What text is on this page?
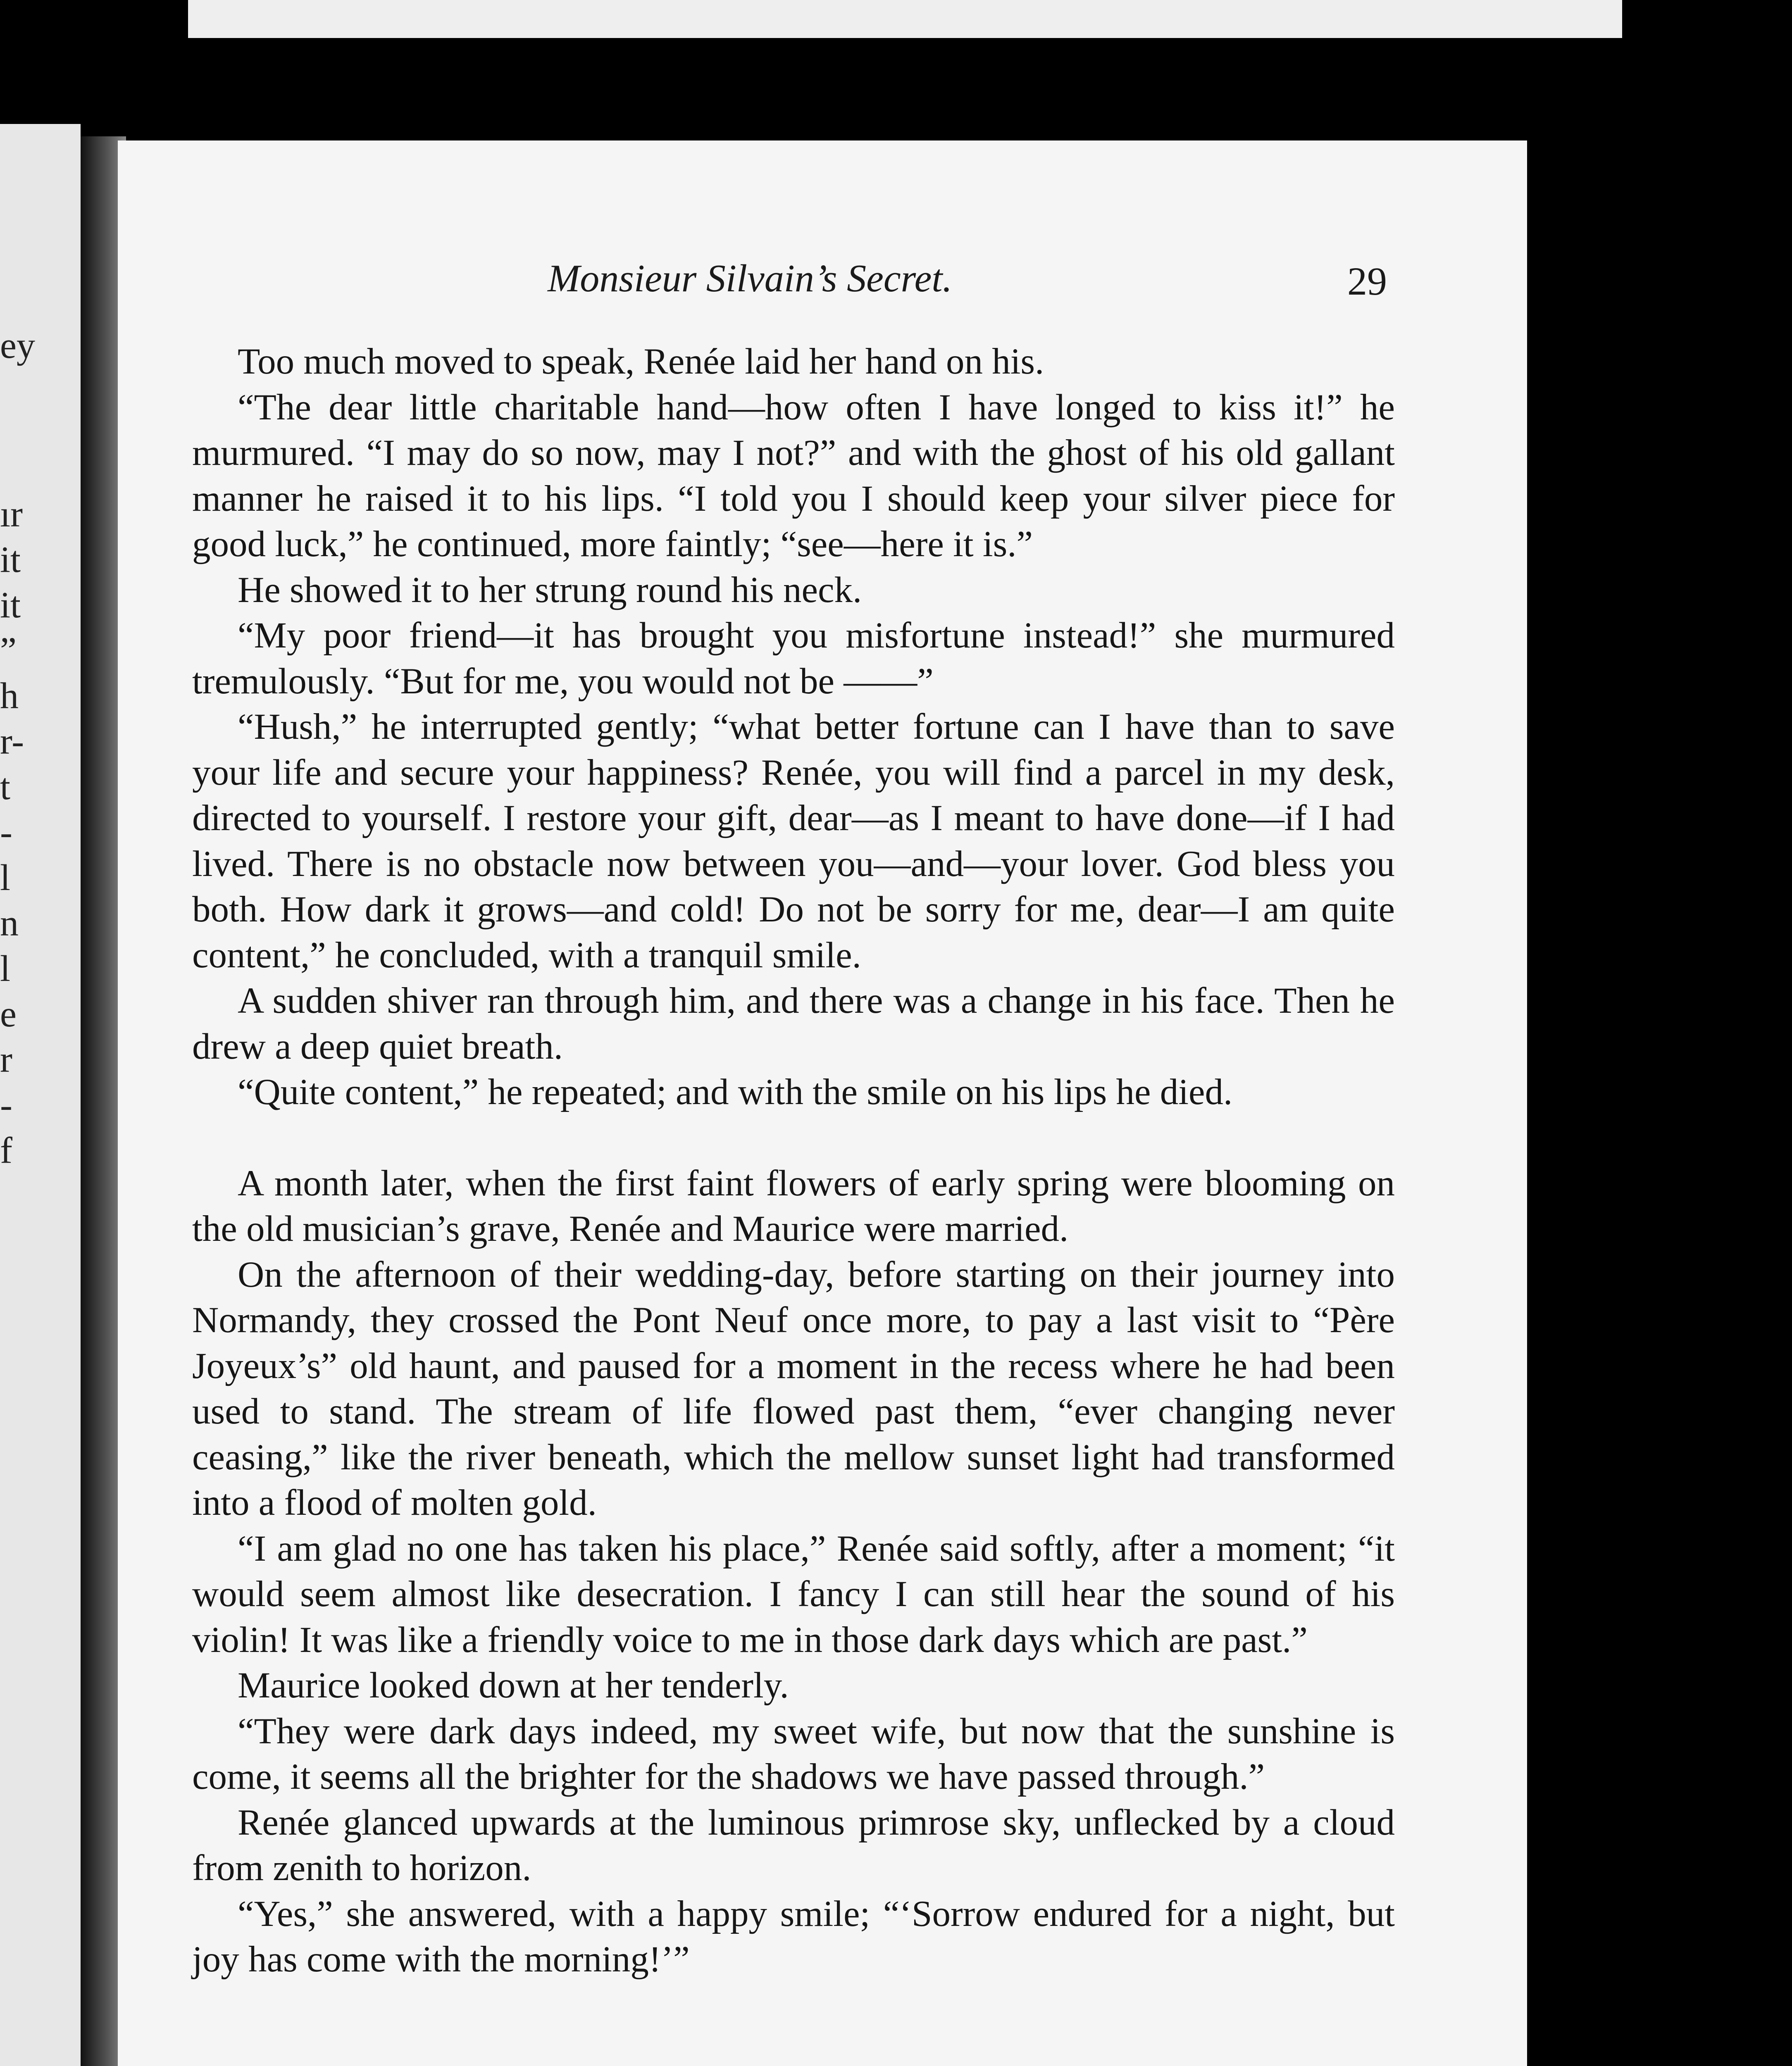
ey
ır
it
it
”
h
r-
t
-
l
n
l
e
r
-
f
Monsieur Silvain’s Secret.	29

Too much moved to speak, Renée laid her hand on his.

“The dear little charitable hand—how often I have longed to kiss it!” he murmured. “I may do so now, may I not?” and with the ghost of his old gallant manner he raised it to his lips. “I told you I should keep your silver piece for good luck,” he continued, more faintly; “see—here it is.”

He showed it to her strung round his neck.

“My poor friend—it has brought you misfortune instead!” she murmured tremulously. “But for me, you would not be ——”

“Hush,” he interrupted gently; “what better fortune can I have than to save your life and secure your happiness? Renée, you will find a parcel in my desk, directed to yourself. I restore your gift, dear—as I meant to have done—if I had lived. There is no obstacle now between you—and—your lover. God bless you both. How dark it grows—and cold! Do not be sorry for me, dear—I am quite content,” he concluded, with a tranquil smile.

A sudden shiver ran through him, and there was a change in his face. Then he drew a deep quiet breath.

“Quite content,” he repeated; and with the smile on his lips he died.

A month later, when the first faint flowers of early spring were blooming on the old musician’s grave, Renée and Maurice were married.

On the afternoon of their wedding-day, before starting on their journey into Normandy, they crossed the Pont Neuf once more, to pay a last visit to “Père Joyeux’s” old haunt, and paused for a moment in the recess where he had been used to stand. The stream of life flowed past them, “ever changing never ceasing,” like the river beneath, which the mellow sunset light had transformed into a flood of molten gold.

“I am glad no one has taken his place,” Renée said softly, after a moment; “it would seem almost like desecration. I fancy I can still hear the sound of his violin! It was like a friendly voice to me in those dark days which are past.”

Maurice looked down at her tenderly.

“They were dark days indeed, my sweet wife, but now that the sunshine is come, it seems all the brighter for the shadows we have passed through.”

Renée glanced upwards at the luminous primrose sky, unflecked by a cloud from zenith to horizon.

“Yes,” she answered, with a happy smile; “‘Sorrow endured for a night, but joy has come with the morning!’”
